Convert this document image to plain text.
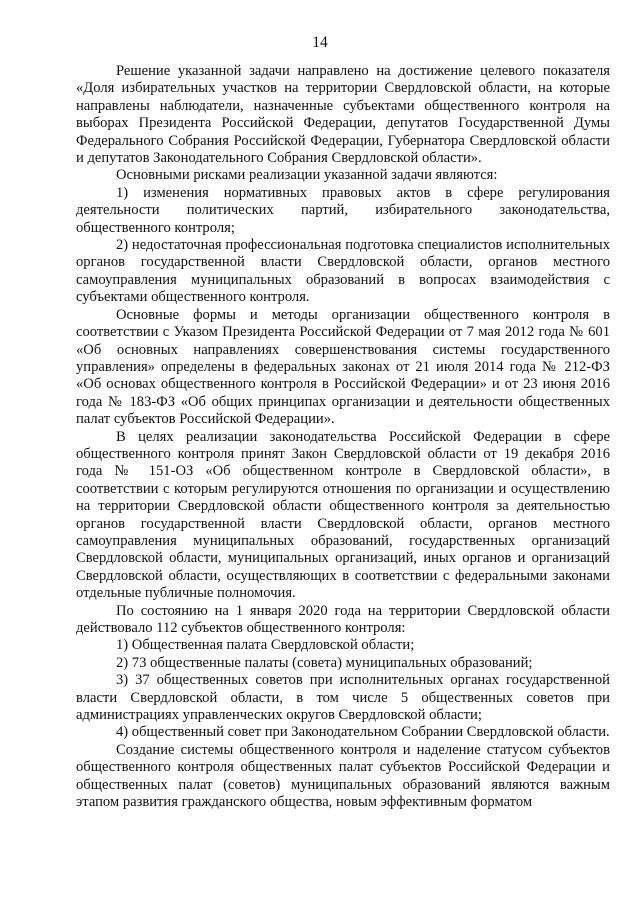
14

Решение указанной задачи направлено на достижение целевого показателя «Доля избирательных участков на территории Свердловской области, на которые направлены наблюдатели, назначенные субъектами общественного контроля на выборах Президента Российской Федерации, депутатов Государственной Думы Федерального Собрания Российской Федерации, Губернатора Свердловской области и депутатов Законодательного Собрания Свердловской области».

Основными рисками реализации указанной задачи являются:

1) изменения нормативных правовых актов в сфере регулирования деятельности политических партий, избирательного законодательства, общественного контроля;

2) недостаточная профессиональная подготовка специалистов исполнительных органов государственной власти Свердловской области, органов местного самоуправления муниципальных образований в вопросах взаимодействия с субъектами общественного контроля.

Основные формы и методы организации общественного контроля в соответствии с Указом Президента Российской Федерации от 7 мая 2012 года № 601 «Об основных направлениях совершенствования системы государственного управления» определены в федеральных законах от 21 июля 2014 года № 212-ФЗ «Об основах общественного контроля в Российской Федерации» и от 23 июня 2016 года № 183-ФЗ «Об общих принципах организации и деятельности общественных палат субъектов Российской Федерации».

В целях реализации законодательства Российской Федерации в сфере общественного контроля принят Закон Свердловской области от 19 декабря 2016 года № 151-ОЗ «Об общественном контроле в Свердловской области», в соответствии с которым регулируются отношения по организации и осуществлению на территории Свердловской области общественного контроля за деятельностью органов государственной власти Свердловской области, органов местного самоуправления муниципальных образований, государственных организаций Свердловской области, муниципальных организаций, иных органов и организаций Свердловской области, осуществляющих в соответствии с федеральными законами отдельные публичные полномочия.

По состоянию на 1 января 2020 года на территории Свердловской области действовало 112 субъектов общественного контроля:

1) Общественная палата Свердловской области;

2) 73 общественные палаты (совета) муниципальных образований;

3) 37 общественных советов при исполнительных органах государственной власти Свердловской области, в том числе 5 общественных советов при администрациях управленческих округов Свердловской области;

4) общественный совет при Законодательном Собрании Свердловской области.

Создание системы общественного контроля и наделение статусом субъектов общественного контроля общественных палат субъектов Российской Федерации и общественных палат (советов) муниципальных образований являются важным этапом развития гражданского общества, новым эффективным форматом
